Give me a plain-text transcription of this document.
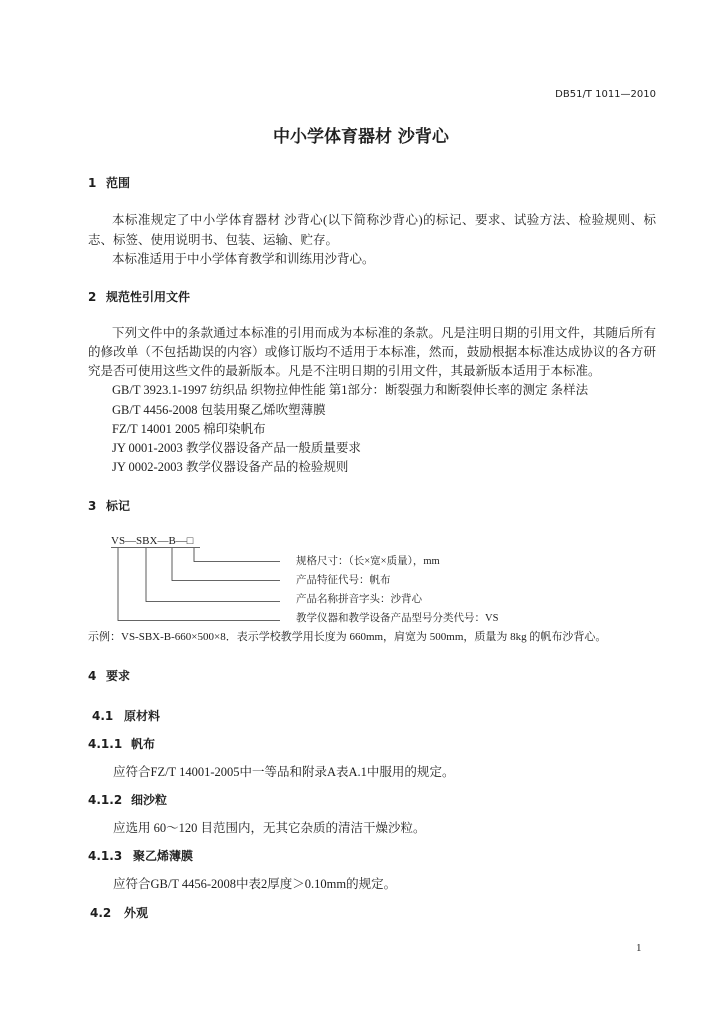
DB51/T 1011—2010
中小学体育器材 沙背心
1 范围
本标准规定了中小学体育器材 沙背心(以下简称沙背心)的标记、要求、试验方法、检验规则、标
志、标签、使用说明书、包装、运输、贮存。
本标准适用于中小学体育教学和训练用沙背心。
2 规范性引用文件
下列文件中的条款通过本标准的引用而成为本标准的条款。凡是注明日期的引用文件，其随后所有
的修改单（不包括勘误的内容）或修订版均不适用于本标准，然而，鼓励根据本标准达成协议的各方研
究是否可使用这些文件的最新版本。凡是不注明日期的引用文件，其最新版本适用于本标准。
GB/T 3923.1-1997 纺织品 织物拉伸性能 第1部分：断裂强力和断裂伸长率的测定 条样法
GB/T 4456-2008 包装用聚乙烯吹塑薄膜
FZ/T 14001 2005 棉印染帆布
JY 0001-2003 教学仪器设备产品一般质量要求
JY 0002-2003 教学仪器设备产品的检验规则
3 标记
VS—SBX—B—□
规格尺寸：（长×宽×质量），mm
产品特征代号：帆布
产品名称拼音字头：沙背心
教学仪器和教学设备产品型号分类代号：VS
示例：VS-SBX-B-660×500×8．表示学校教学用长度为 660mm，肩宽为 500mm，质量为 8kg 的帆布沙背心。
4 要求
4.1 原材料
4.1.1 帆布
应符合FZ/T 14001-2005中一等品和附录A表A.1中服用的规定。
4.1.2 细沙粒
应选用 60～120 目范围内，无其它杂质的清洁干燥沙粒。
4.1.3 聚乙烯薄膜
应符合GB/T 4456-2008中表2厚度＞0.10mm的规定。
4.2 外观
1
